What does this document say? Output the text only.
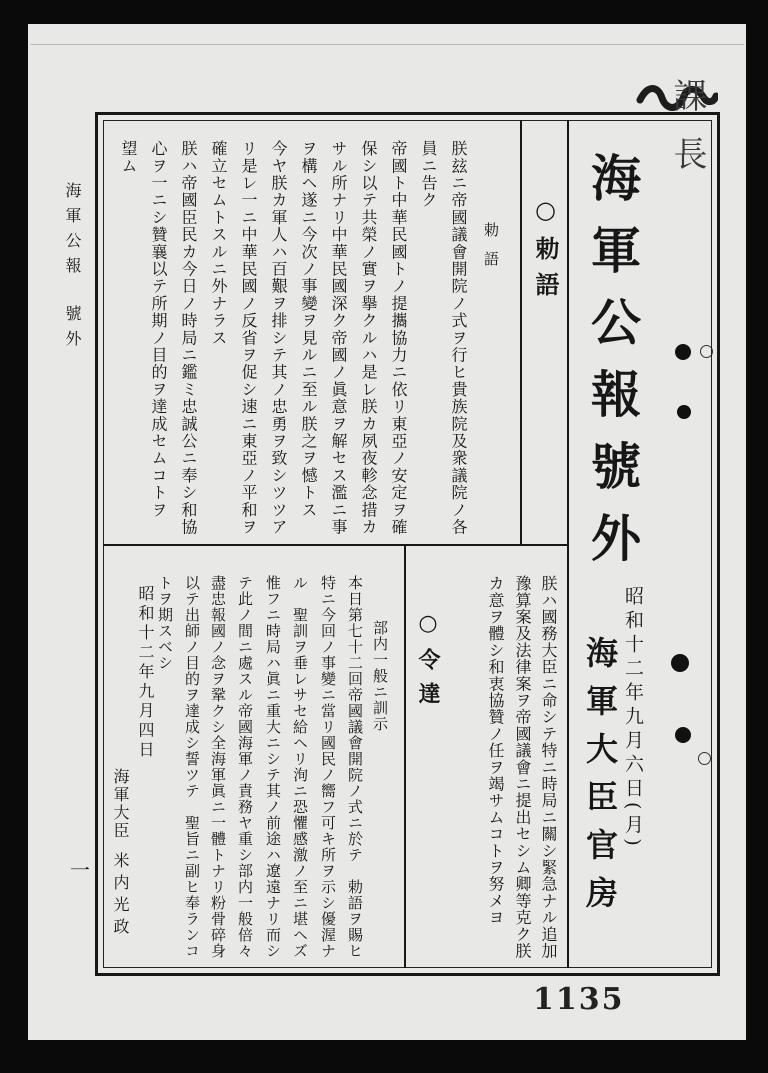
海軍公報
號外
一
課長
海軍公報號外
昭和十二年九月六日(月)
海軍大臣官房
○勅語
勅語
朕玆ニ帝國議會開院ノ式ヲ行ヒ貴族院及衆議院ノ各
員ニ告ク
帝國ト中華民國トノ提攜協力ニ依リ東亞ノ安定ヲ確
保シ以テ共榮ノ實ヲ擧クルハ是レ朕カ夙夜軫念措カ
サル所ナリ中華民國深ク帝國ノ眞意ヲ解セス濫ニ事
ヲ構ヘ遂ニ今次ノ事變ヲ見ルニ至ル朕之ヲ憾トス
今ヤ朕カ軍人ハ百艱ヲ排シテ其ノ忠勇ヲ致シツツア
リ是レ一ニ中華民國ノ反省ヲ促シ速ニ東亞ノ平和ヲ
確立セムトスルニ外ナラス
朕ハ帝國臣民カ今日ノ時局ニ鑑ミ忠誠公ニ奉シ和協
心ヲ一ニシ贊襄以テ所期ノ目的ヲ達成セムコトヲ
望ム
朕ハ國務大臣ニ命シテ特ニ時局ニ關シ緊急ナル追加
豫算案及法律案ヲ帝國議會ニ提出セシム卿等克ク朕
カ意ヲ體シ和衷協贊ノ任ヲ竭サムコトヲ努メヨ
○令達
部内一般ニ訓示
本日第七十二回帝國議會開院ノ式ニ於テ　勅語ヲ賜ヒ
特ニ今回ノ事變ニ當リ國民ノ嚮フ可キ所ヲ示シ優渥ナ
ル　聖訓ヲ垂レサセ給ヘリ洵ニ恐懼感激ノ至ニ堪ヘズ
惟フニ時局ハ眞ニ重大ニシテ其ノ前途ハ遼遠ナリ而シ
テ此ノ間ニ處スル帝國海軍ノ責務ヤ重シ部内一般倍々
盡忠報國ノ念ヲ鞏クシ全海軍眞ニ一體トナリ粉骨碎身
以テ出師ノ目的ヲ達成シ誓ツテ　聖旨ニ副ヒ奉ランコ
トヲ期スベシ
昭和十二年九月四日
海軍大臣
米内光政
1135
